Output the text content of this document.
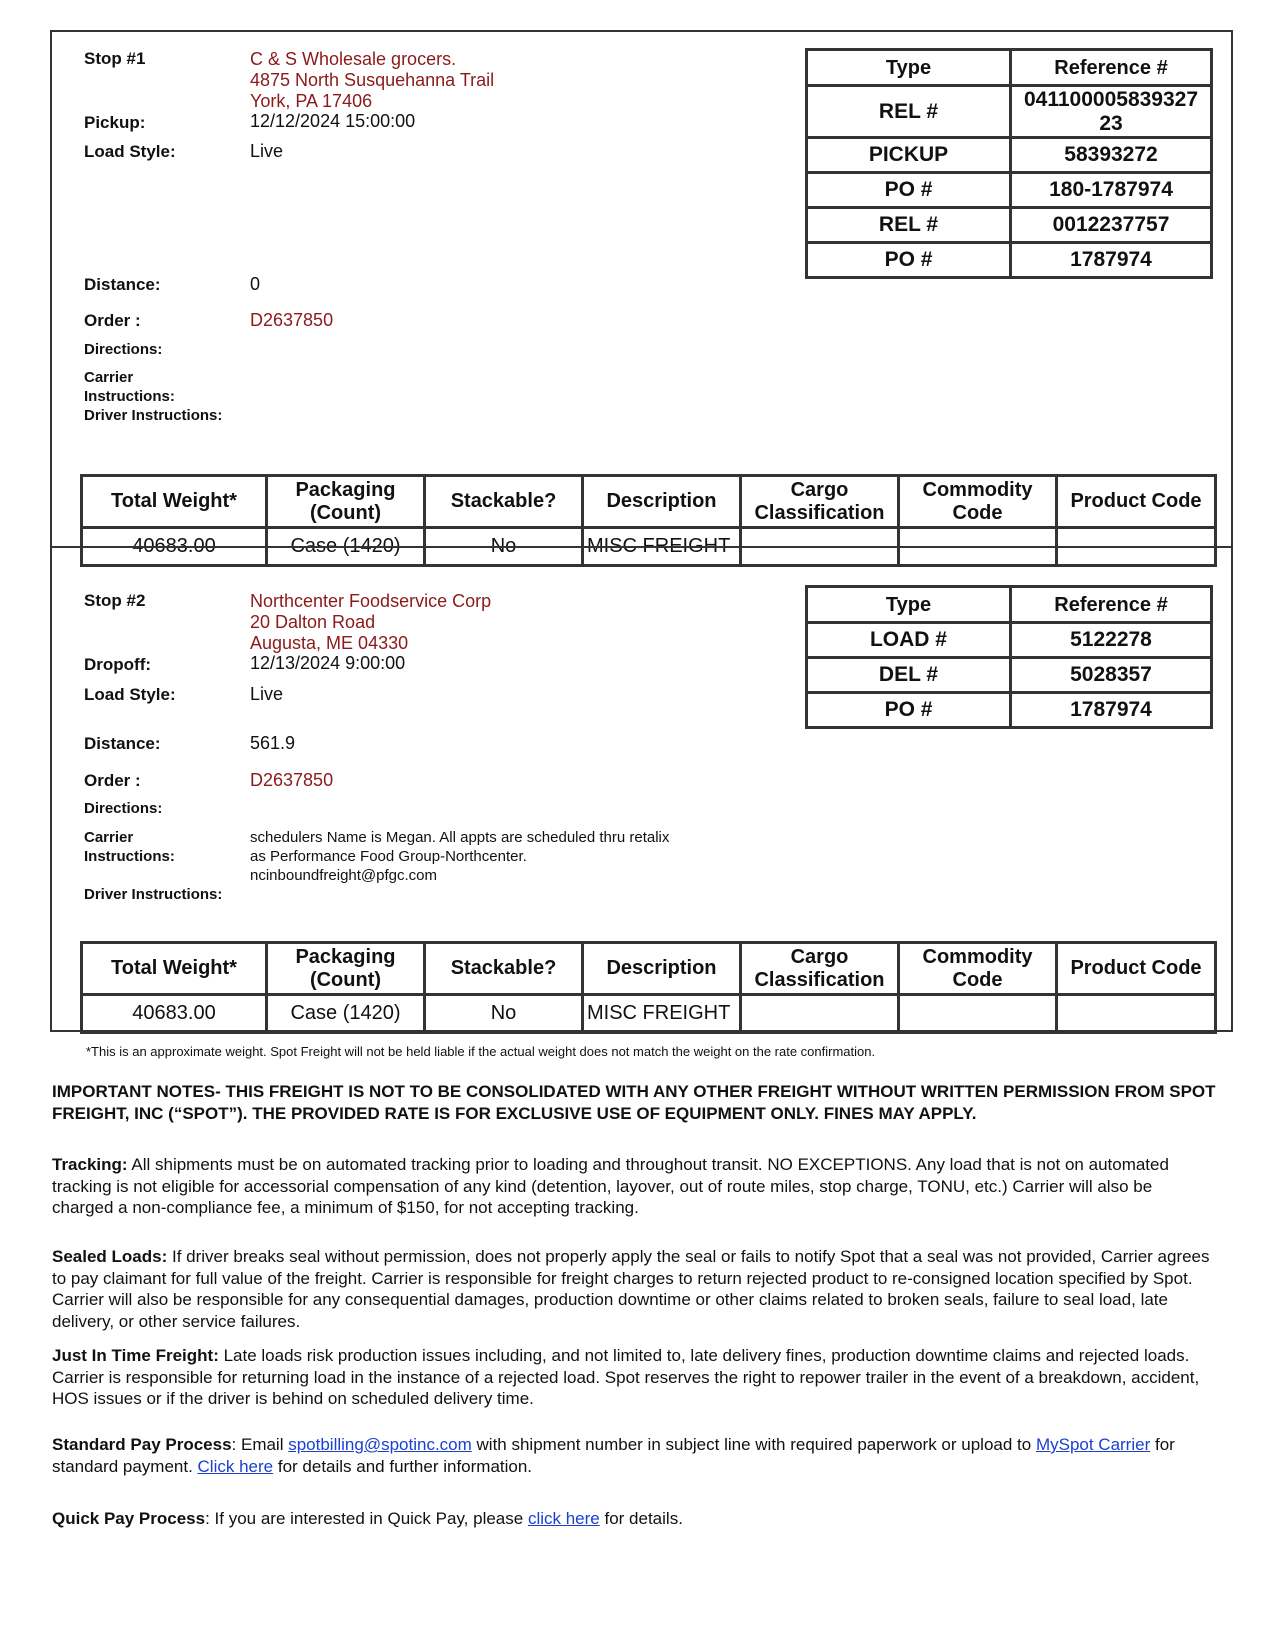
Stop #1	C & S Wholesale grocers.
4875 North Susquehanna Trail
York, PA 17406
Pickup:	12/12/2024 15:00:00
Load Style:	Live
Distance:	0
Order :	D2637850
Directions:
Carrier
Instructions:
Driver Instructions:
Type	Reference #
REL #	041100005839327 23
PICKUP	58393272
PO #	180-1787974
REL #	0012237757
PO #	1787974
Total Weight*	Packaging (Count)	Stackable?	Description	Cargo Classification	Commodity Code	Product Code
40683.00	Case (1420)	No	MISC FREIGHT			
Stop #2	Northcenter Foodservice Corp
20 Dalton Road
Augusta, ME 04330
Dropoff:	12/13/2024 9:00:00
Load Style:	Live
Distance:	561.9
Order :	D2637850
Directions:
Carrier
Instructions:
schedulers Name is Megan. All appts are scheduled thru retalix
as Performance Food Group-Northcenter.
ncinboundfreight@pfgc.com
Driver Instructions:
Type	Reference #
LOAD #	5122278
DEL #	5028357
PO #	1787974
Total Weight*	Packaging (Count)	Stackable?	Description	Cargo Classification	Commodity Code	Product Code
40683.00	Case (1420)	No	MISC FREIGHT			
*This is an approximate weight. Spot Freight will not be held liable if the actual weight does not match the weight on the rate confirmation.
IMPORTANT NOTES- THIS FREIGHT IS NOT TO BE CONSOLIDATED WITH ANY OTHER FREIGHT WITHOUT WRITTEN PERMISSION FROM SPOT FREIGHT, INC (“SPOT”). THE PROVIDED RATE IS FOR EXCLUSIVE USE OF EQUIPMENT ONLY. FINES MAY APPLY.
Tracking: All shipments must be on automated tracking prior to loading and throughout transit. NO EXCEPTIONS. Any load that is not on automated tracking is not eligible for accessorial compensation of any kind (detention, layover, out of route miles, stop charge, TONU, etc.) Carrier will also be charged a non-compliance fee, a minimum of $150, for not accepting tracking.
Sealed Loads: If driver breaks seal without permission, does not properly apply the seal or fails to notify Spot that a seal was not provided, Carrier agrees to pay claimant for full value of the freight. Carrier is responsible for freight charges to return rejected product to re-consigned location specified by Spot. Carrier will also be responsible for any consequential damages, production downtime or other claims related to broken seals, failure to seal load, late delivery, or other service failures.
Just In Time Freight: Late loads risk production issues including, and not limited to, late delivery fines, production downtime claims and rejected loads. Carrier is responsible for returning load in the instance of a rejected load. Spot reserves the right to repower trailer in the event of a breakdown, accident, HOS issues or if the driver is behind on scheduled delivery time.
Standard Pay Process: Email spotbilling@spotinc.com with shipment number in subject line with required paperwork or upload to MySpot Carrier for standard payment. Click here for details and further information.
Quick Pay Process: If you are interested in Quick Pay, please click here for details.
